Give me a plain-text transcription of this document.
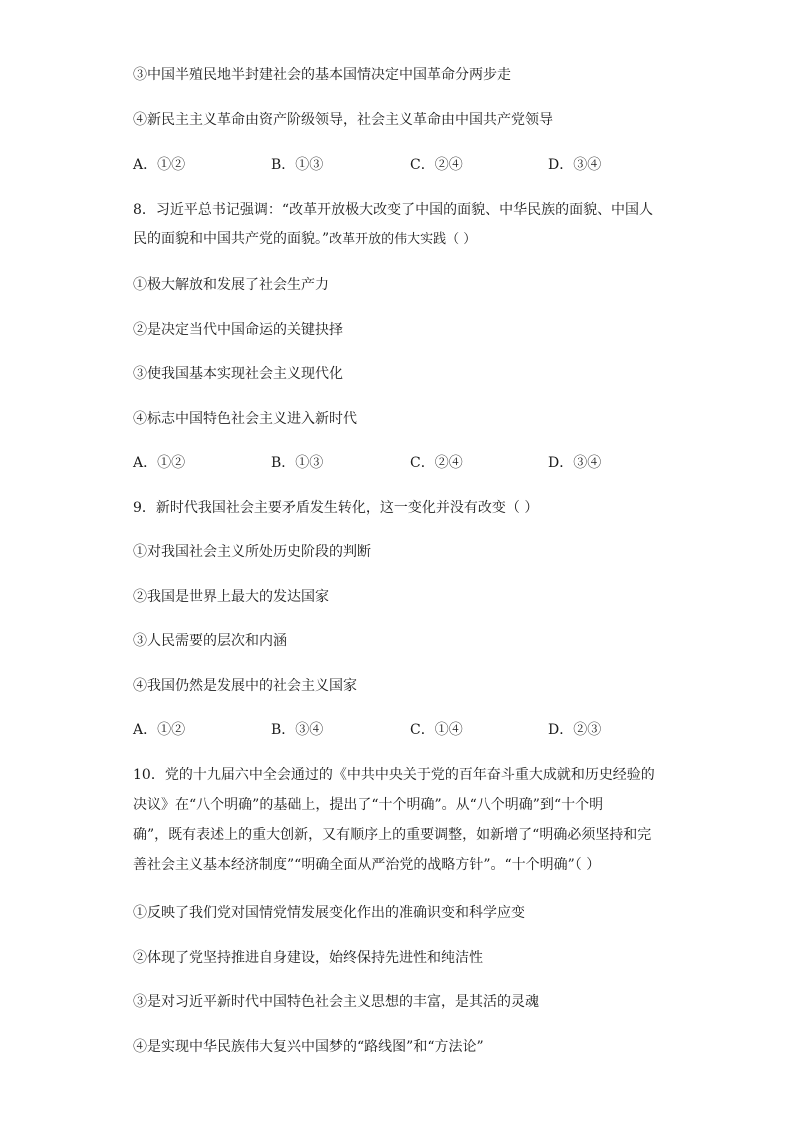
③中国半殖民地半封建社会的基本国情决定中国革命分两步走
④新民主主义革命由资产阶级领导，社会主义革命由中国共产党领导
A．①②	B．①③	C．②④	D．③④
8．习近平总书记强调：“改革开放极大改变了中国的面貌、中华民族的面貌、中国人
民的面貌和中国共产党的面貌。”改革开放的伟大实践（ ）
①极大解放和发展了社会生产力
②是决定当代中国命运的关键抉择
③使我国基本实现社会主义现代化
④标志中国特色社会主义进入新时代
A．①②	B．①③	C．②④	D．③④
9．新时代我国社会主要矛盾发生转化，这一变化并没有改变（ ）
①对我国社会主义所处历史阶段的判断
②我国是世界上最大的发达国家
③人民需要的层次和内涵
④我国仍然是发展中的社会主义国家
A．①②	B．③④	C．①④	D．②③
10．党的十九届六中全会通过的《中共中央关于党的百年奋斗重大成就和历史经验的
决议》在“八个明确”的基础上，提出了“十个明确”。从“八个明确”到“十个明
确”，既有表述上的重大创新，又有顺序上的重要调整，如新增了“明确必须坚持和完
善社会主义基本经济制度”“明确全面从严治党的战略方针”。“十个明确”（ ）
①反映了我们党对国情党情发展变化作出的准确识变和科学应变
②体现了党坚持推进自身建设，始终保持先进性和纯洁性
③是对习近平新时代中国特色社会主义思想的丰富，是其活的灵魂
④是实现中华民族伟大复兴中国梦的“路线图”和“方法论”
